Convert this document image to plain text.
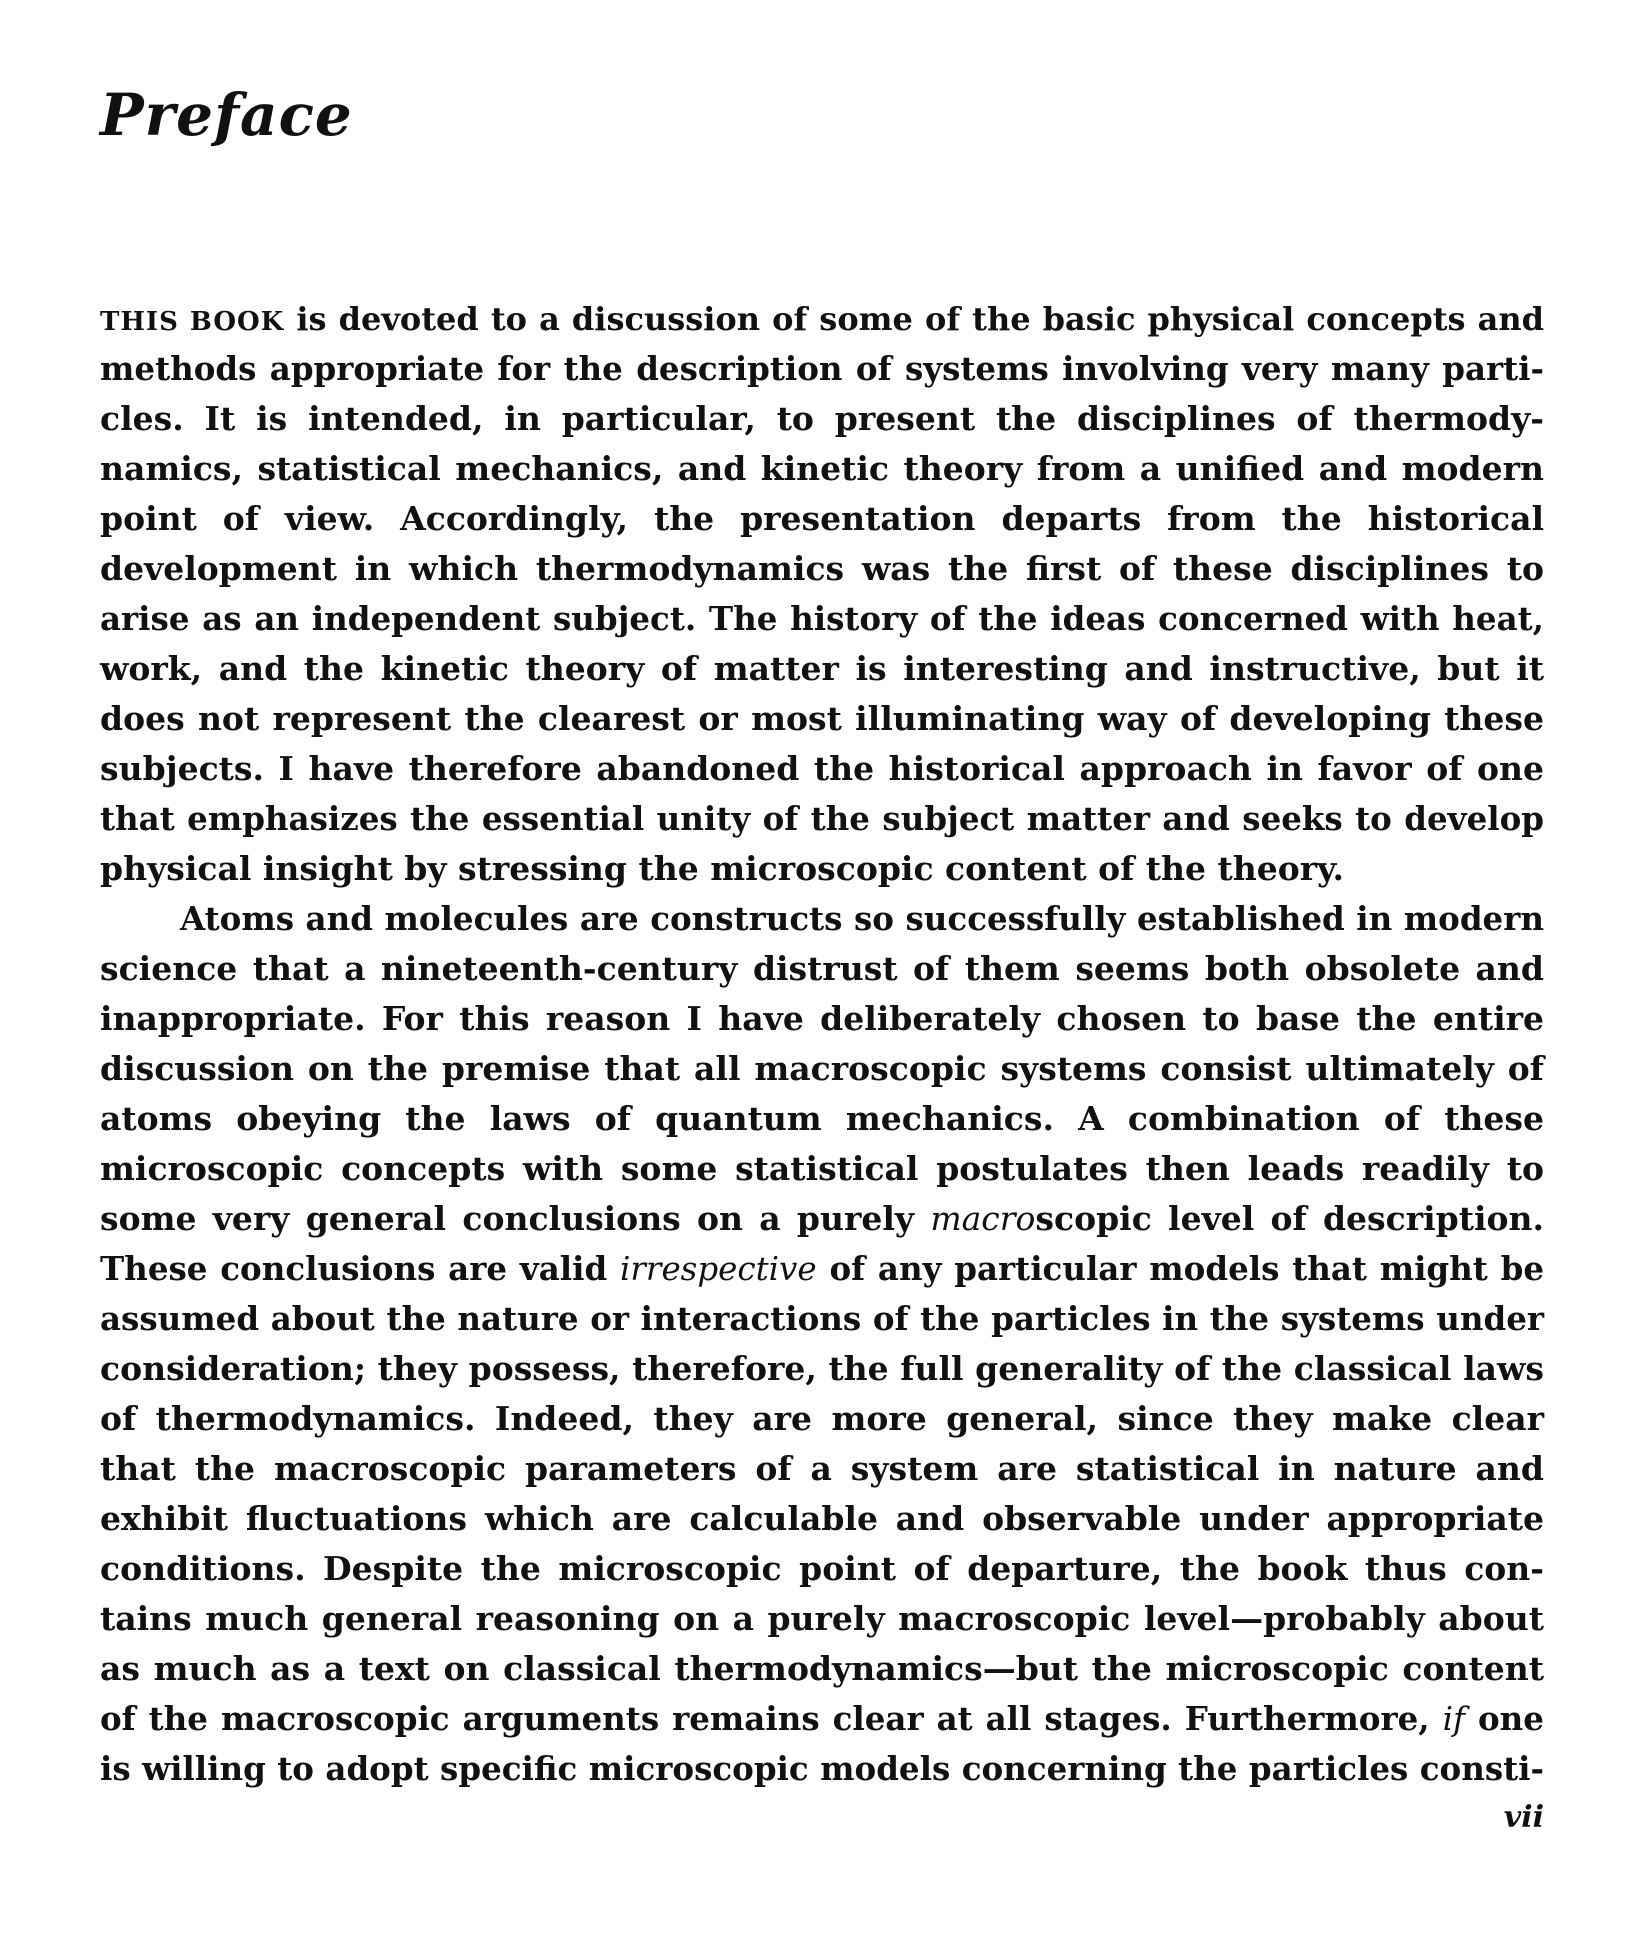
Preface
THIS BOOK is devoted to a discussion of some of the basic physical concepts and
methods appropriate for the description of systems involving very many parti-
cles. It is intended, in particular, to present the disciplines of thermody-
namics, statistical mechanics, and kinetic theory from a unified and modern
point of view. Accordingly, the presentation departs from the historical
development in which thermodynamics was the first of these disciplines to
arise as an independent subject. The history of the ideas concerned with heat,
work, and the kinetic theory of matter is interesting and instructive, but it
does not represent the clearest or most illuminating way of developing these
subjects. I have therefore abandoned the historical approach in favor of one
that emphasizes the essential unity of the subject matter and seeks to develop
physical insight by stressing the microscopic content of the theory.
Atoms and molecules are constructs so successfully established in modern
science that a nineteenth-century distrust of them seems both obsolete and
inappropriate. For this reason I have deliberately chosen to base the entire
discussion on the premise that all macroscopic systems consist ultimately of
atoms obeying the laws of quantum mechanics. A combination of these
microscopic concepts with some statistical postulates then leads readily to
some very general conclusions on a purely macroscopic level of description.
These conclusions are valid irrespective of any particular models that might be
assumed about the nature or interactions of the particles in the systems under
consideration; they possess, therefore, the full generality of the classical laws
of thermodynamics. Indeed, they are more general, since they make clear
that the macroscopic parameters of a system are statistical in nature and
exhibit fluctuations which are calculable and observable under appropriate
conditions. Despite the microscopic point of departure, the book thus con-
tains much general reasoning on a purely macroscopic level—probably about
as much as a text on classical thermodynamics—but the microscopic content
of the macroscopic arguments remains clear at all stages. Furthermore, if one
is willing to adopt specific microscopic models concerning the particles consti-
vii
